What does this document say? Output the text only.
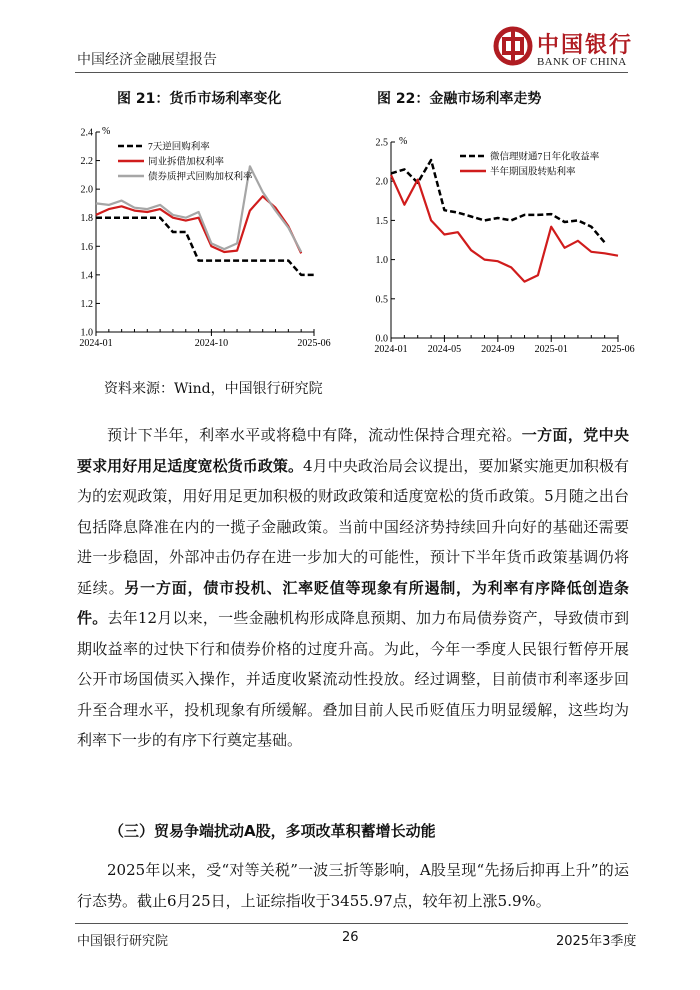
中国经济金融展望报告
中国银行
BANK OF CHINA
图 21：货币市场利率变化	图 22：金融市场利率走势
1.0
1.2
1.4
1.6
1.8
2.0
2.2
2.4 %
2024-01	2024-10	2025-06
7天逆回购利率
同业拆借加权利率
债券质押式回购加权利率
0.0
0.5
1.0
1.5
2.0
2.5 %
2024-01 2024-05 2024-09 2025-01	2025-06
微信理财通7日年化收益率
半年期国股转贴利率
资料来源：Wind，中国银行研究院
预计下半年，利率水平或将稳中有降，流动性保持合理充裕。一方面，党中央要求用好用足适度宽松货币政策。4月中央政治局会议提出，要加紧实施更加积极有为的宏观政策，用好用足更加积极的财政政策和适度宽松的货币政策。5月随之出台包括降息降准在内的一揽子金融政策。当前中国经济势持续回升向好的基础还需要进一步稳固，外部冲击仍存在进一步加大的可能性，预计下半年货币政策基调仍将延续。另一方面，债市投机、汇率贬值等现象有所遏制，为利率有序降低创造条件。去年12月以来，一些金融机构形成降息预期、加力布局债券资产，导致债市到期收益率的过快下行和债券价格的过度升高。为此，今年一季度人民银行暂停开展公开市场国债买入操作，并适度收紧流动性投放。经过调整，目前债市利率逐步回升至合理水平，投机现象有所缓解。叠加目前人民币贬值压力明显缓解，这些均为利率下一步的有序下行奠定基础。
（三）贸易争端扰动A股，多项改革积蓄增长动能
2025年以来，受“对等关税”一波三折等影响，A股呈现“先扬后抑再上升”的运行态势。截止6月25日，上证综指收于3455.97点，较年初上涨5.9%。
中国银行研究院	26	2025年3季度
